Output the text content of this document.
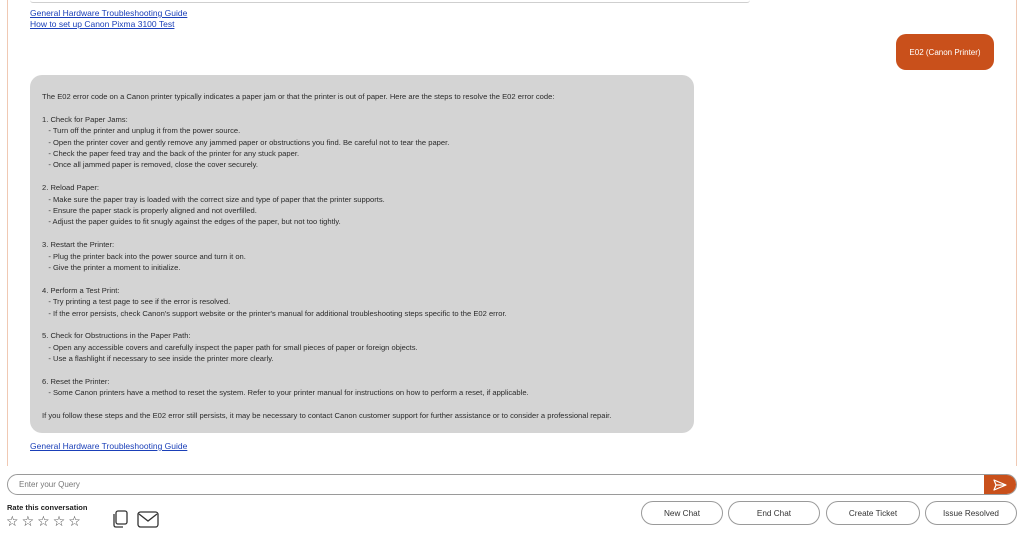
General Hardware Troubleshooting Guide
How to set up Canon Pixma 3100 Test
E02 (Canon Printer)

The E02 error code on a Canon printer typically indicates a paper jam or that the printer is out of paper. Here are the steps to resolve the E02 error code:

1. Check for Paper Jams:

- Turn off the printer and unplug it from the power source.

- Open the printer cover and gently remove any jammed paper or obstructions you find. Be careful not to tear the paper.

- Check the paper feed tray and the back of the printer for any stuck paper.

- Once all jammed paper is removed, close the cover securely.

2. Reload Paper:

- Make sure the paper tray is loaded with the correct size and type of paper that the printer supports.

- Ensure the paper stack is properly aligned and not overfilled.

- Adjust the paper guides to fit snugly against the edges of the paper, but not too tightly.

3. Restart the Printer:

- Plug the printer back into the power source and turn it on.

- Give the printer a moment to initialize.

4. Perform a Test Print:

- Try printing a test page to see if the error is resolved.

- If the error persists, check Canon's support website or the printer's manual for additional troubleshooting steps specific to the E02 error.

5. Check for Obstructions in the Paper Path:

- Open any accessible covers and carefully inspect the paper path for small pieces of paper or foreign objects.

- Use a flashlight if necessary to see inside the printer more clearly.

6. Reset the Printer:

- Some Canon printers have a method to reset the system. Refer to your printer manual for instructions on how to perform a reset, if applicable.

If you follow these steps and the E02 error still persists, it may be necessary to contact Canon customer support for further assistance or to consider a professional repair.

General Hardware Troubleshooting Guide
Enter your Query
Rate this conversation
☆ ☆ ☆ ☆ ☆	New Chat	End Chat	Create Ticket	Issue Resolved
